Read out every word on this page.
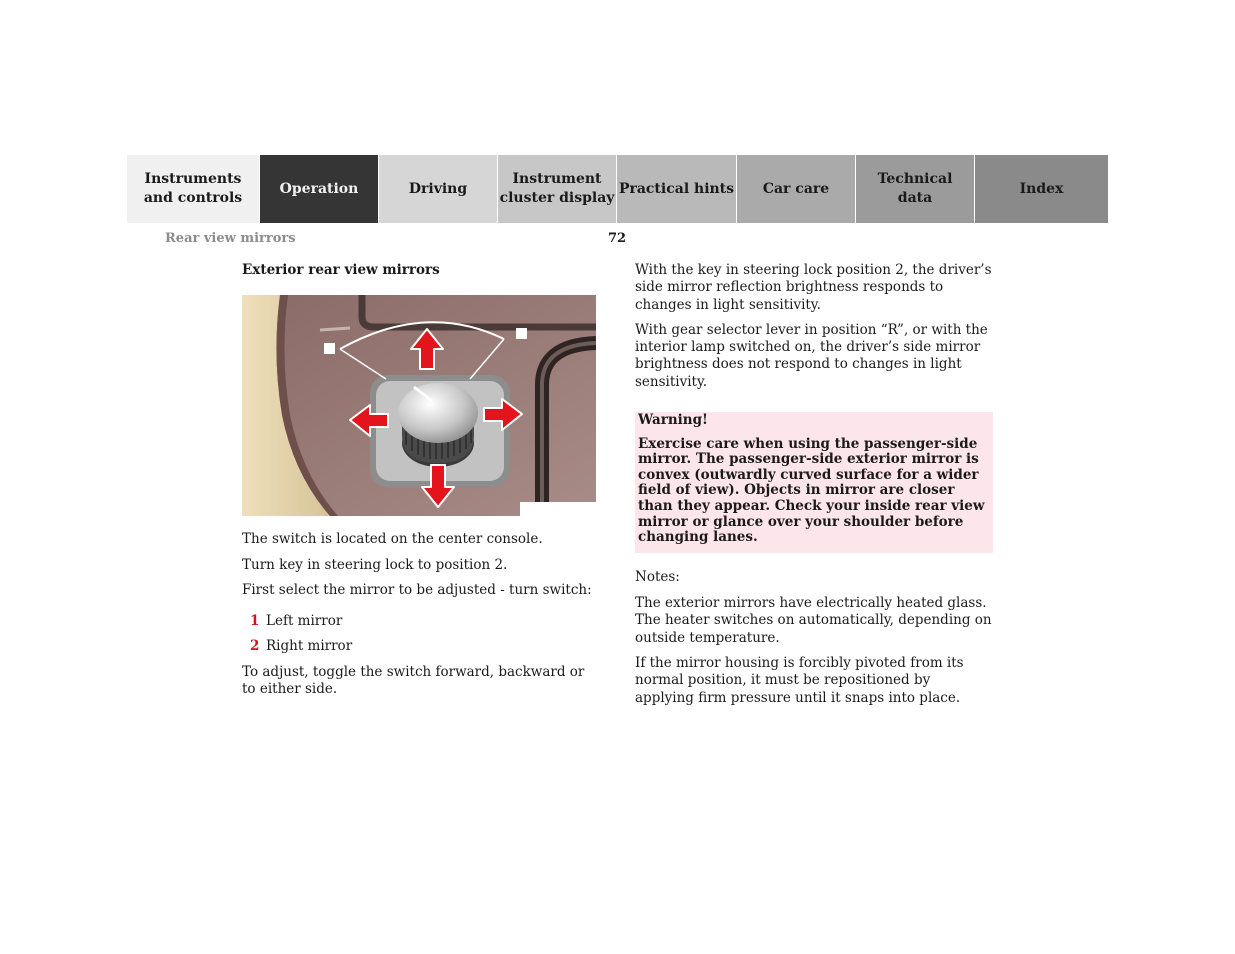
Instruments
and controls
Operation	Driving
Instrument
cluster display
Practical hints	Car care
Technical
data
Index
Rear view mirrors	72
Exterior rear view mirrors

The switch is located on the center console.

Turn key in steering lock to position 2.

First select the mirror to be adjusted - turn switch:

1 Left mirror
2 Right mirror

To adjust, toggle the switch forward, backward or to either side.

With the key in steering lock position 2, the driver’s side mirror reflection brightness responds to changes in light sensitivity.

With gear selector lever in position “R”, or with the interior lamp switched on, the driver’s side mirror brightness does not respond to changes in light sensitivity.

Warning!

Exercise care when using the passenger-side mirror. The passenger-side exterior mirror is convex (outwardly curved surface for a wider field of view). Objects in mirror are closer than they appear. Check your inside rear view mirror or glance over your shoulder before changing lanes.

Notes:

The exterior mirrors have electrically heated glass. The heater switches on automatically, depending on outside temperature.

If the mirror housing is forcibly pivoted from its normal position, it must be repositioned by applying firm pressure until it snaps into place.
